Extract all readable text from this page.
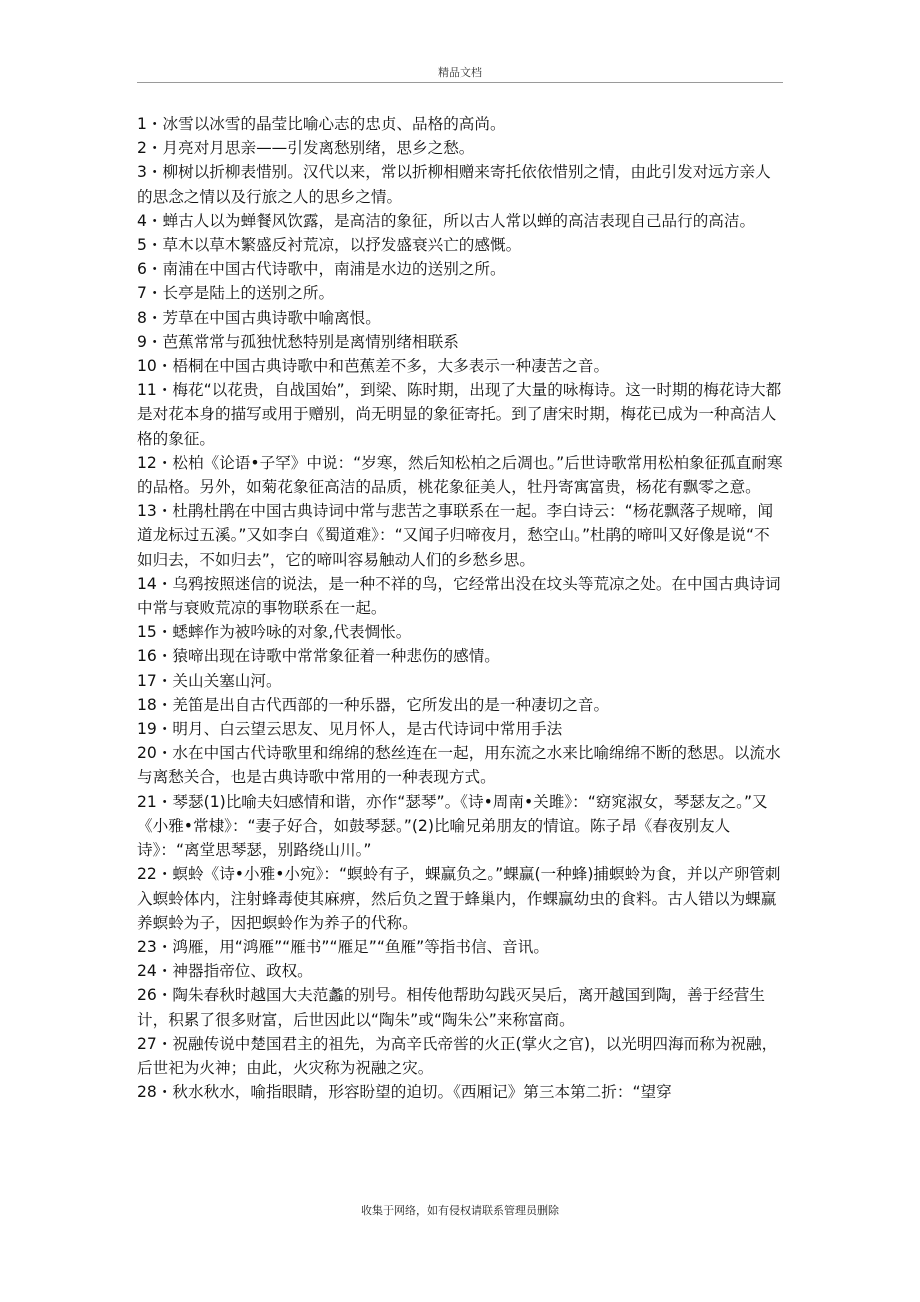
精品文档

1・冰雪以冰雪的晶莹比喻心志的忠贞、品格的高尚。

2・月亮对月思亲——引发离愁别绪，思乡之愁。

3・柳树以折柳表惜别。汉代以来，常以折柳相赠来寄托依依惜别之情，由此引发对远方亲人的思念之情以及行旅之人的思乡之情。

4・蝉古人以为蝉餐风饮露，是高洁的象征，所以古人常以蝉的高洁表现自己品行的高洁。

5・草木以草木繁盛反衬荒凉，以抒发盛衰兴亡的感慨。

6・南浦在中国古代诗歌中，南浦是水边的送别之所。

7・长亭是陆上的送别之所。

8・芳草在中国古典诗歌中喻离恨。

9・芭蕉常常与孤独忧愁特别是离情别绪相联系

10・梧桐在中国古典诗歌中和芭蕉差不多，大多表示一种凄苦之音。

11・梅花“以花贵，自战国始”，到梁、陈时期，出现了大量的咏梅诗。这一时期的梅花诗大都是对花本身的描写或用于赠别，尚无明显的象征寄托。到了唐宋时期，梅花已成为一种高洁人格的象征。

12・松柏《论语•子罕》中说：“岁寒，然后知松柏之后凋也。”后世诗歌常用松柏象征孤直耐寒的品格。另外，如菊花象征高洁的品质，桃花象征美人，牡丹寄寓富贵，杨花有飘零之意。

13・杜鹃杜鹃在中国古典诗词中常与悲苦之事联系在一起。李白诗云：“杨花飘落子规啼，闻道龙标过五溪。”又如李白《蜀道难》：“又闻子归啼夜月，愁空山。”杜鹃的啼叫又好像是说“不如归去，不如归去”，它的啼叫容易触动人们的乡愁乡思。

14・乌鸦按照迷信的说法，是一种不祥的鸟，它经常出没在坟头等荒凉之处。在中国古典诗词中常与衰败荒凉的事物联系在一起。

15・蟋蟀作为被吟咏的对象,代表惆怅。

16・猿啼出现在诗歌中常常象征着一种悲伤的感情。

17・关山关塞山河。

18・羌笛是出自古代西部的一种乐器，它所发出的是一种凄切之音。

19・明月、白云望云思友、见月怀人，是古代诗词中常用手法

20・水在中国古代诗歌里和绵绵的愁丝连在一起，用东流之水来比喻绵绵不断的愁思。以流水与离愁关合，也是古典诗歌中常用的一种表现方式。

21・琴瑟(1)比喻夫妇感情和谐，亦作“瑟琴”。《诗•周南•关雎》：“窈窕淑女，琴瑟友之。”又《小雅•常棣》：“妻子好合，如鼓琴瑟。”(2)比喻兄弟朋友的情谊。陈子昂《春夜别友人诗》：“离堂思琴瑟，别路绕山川。”

22・螟蛉《诗•小雅•小宛》：“螟蛉有子，蜾赢负之。”蜾赢(一种蜂)捕螟蛉为食，并以产卵管刺入螟蛉体内，注射蜂毒使其麻痹，然后负之置于蜂巢内，作蜾赢幼虫的食料。古人错以为蜾赢养螟蛉为子，因把螟蛉作为养子的代称。

23・鸿雁，用“鸿雁”“雁书”“雁足”“鱼雁”等指书信、音讯。

24・神器指帝位、政权。

26・陶朱春秋时越国大夫范蠡的别号。相传他帮助勾践灭吴后，离开越国到陶，善于经营生计，积累了很多财富，后世因此以“陶朱”或“陶朱公”来称富商。

27・祝融传说中楚国君主的祖先，为高辛氏帝喾的火正(掌火之官)，以光明四海而称为祝融，后世祀为火神；由此，火灾称为祝融之灾。

28・秋水秋水，喻指眼睛，形容盼望的迫切。《西厢记》第三本第二折：“望穿

收集于网络，如有侵权请联系管理员删除
